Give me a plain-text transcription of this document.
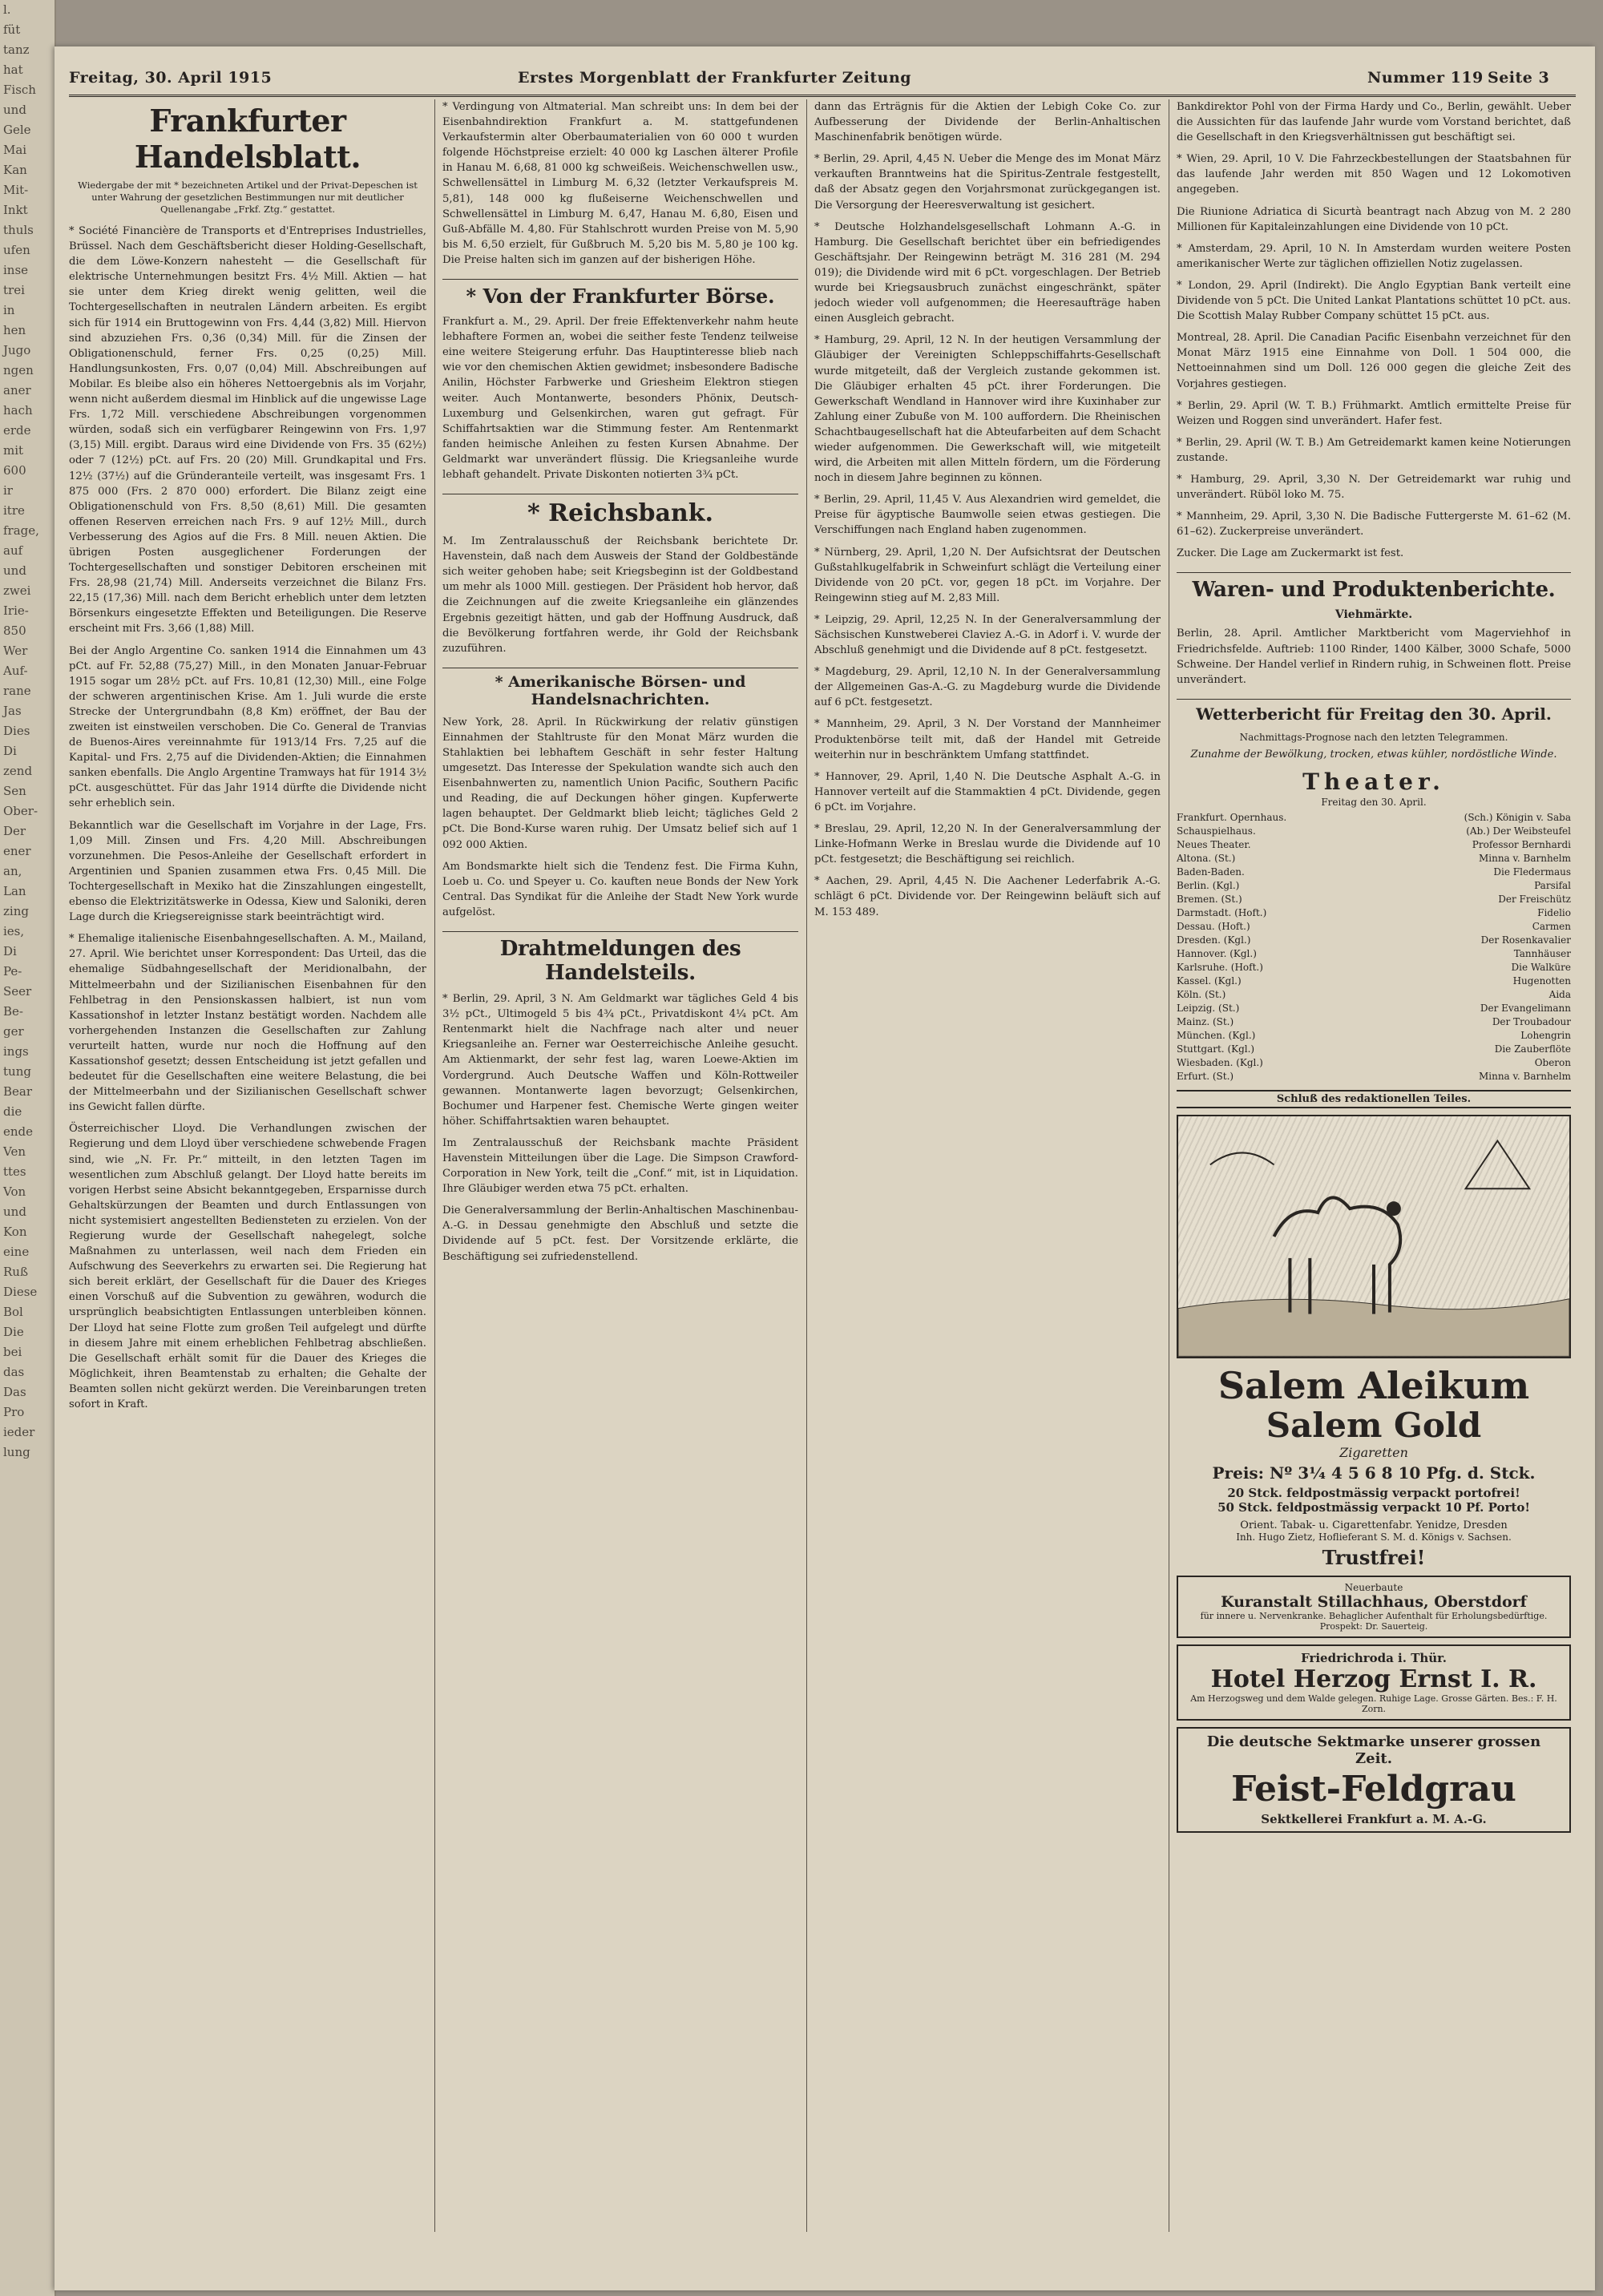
l.
füt
tanz
hat
Fisch
und
Gele
Mai
Kan
Mit-
Inkt
thuls
ufen
inse
trei
in
hen
Jugo
ngen
aner
hach
erde
mit
600
ir
itre
frage,
auf
und
zwei
Irie-
850
Wer
Auf-
rane
Jas
Dies
Di
zend
Sen
Ober-
Der
ener
an,
Lan
zing
ies,
Di
Pe-
Seer
Be-
ger
ings
tung
Bear
die
ende
Ven
ttes
Von
und
Kon
eine
Ruß
Diese
Bol
Die
bei
das
Das
Pro
ieder
lung
Freitag, 30. April 1915	Erstes Morgenblatt der Frankfurter Zeitung	Nummer 119 Seite 3
Frankfurter Handelsblatt.
Wiedergabe der mit * bezeichneten Artikel und der Privat-Depeschen ist unter Wahrung der gesetzlichen Bestimmungen nur mit deutlicher Quellenangabe „Frkf. Ztg.“ gestattet.

* Société Financière de Transports et d'Entreprises Industrielles, Brüssel. Nach dem Geschäftsbericht dieser Holding-Gesellschaft, die dem Löwe-Konzern nahesteht — die Gesellschaft für elektrische Unternehmungen besitzt Frs. 4½ Mill. Aktien — hat sie unter dem Krieg direkt wenig gelitten, weil die Tochtergesellschaften in neutralen Ländern arbeiten. Es ergibt sich für 1914 ein Bruttogewinn von Frs. 4,44 (3,82) Mill. Hiervon sind abzuziehen Frs. 0,36 (0,34) Mill. für die Zinsen der Obligationenschuld, ferner Frs. 0,25 (0,25) Mill. Handlungsunkosten, Frs. 0,07 (0,04) Mill. Abschreibungen auf Mobilar. Es bleibe also ein höheres Nettoergebnis als im Vorjahr, wenn nicht außerdem diesmal im Hinblick auf die ungewisse Lage Frs. 1,72 Mill. verschiedene Abschreibungen vorgenommen würden, sodaß sich ein verfügbarer Reingewinn von Frs. 1,97 (3,15) Mill. ergibt. Daraus wird eine Dividende von Frs. 35 (62½) oder 7 (12½) pCt. auf Frs. 20 (20) Mill. Grundkapital und Frs. 12½ (37½) auf die Gründeranteile verteilt, was insgesamt Frs. 1 875 000 (Frs. 2 870 000) erfordert. Die Bilanz zeigt eine Obligationenschuld von Frs. 8,50 (8,61) Mill. Die gesamten offenen Reserven erreichen nach Frs. 9 auf 12½ Mill., durch Verbesserung des Agios auf die Frs. 8 Mill. neuen Aktien. Die übrigen Posten ausgeglichener Forderungen der Tochtergesellschaften und sonstiger Debitoren erscheinen mit Frs. 28,98 (21,74) Mill. Anderseits verzeichnet die Bilanz Frs. 22,15 (17,36) Mill. nach dem Bericht erheblich unter dem letzten Börsenkurs eingesetzte Effekten und Beteiligungen. Die Reserve erscheint mit Frs. 3,66 (1,88) Mill.

Bei der Anglo Argentine Co. sanken 1914 die Einnahmen um 43 pCt. auf Fr. 52,88 (75,27) Mill., in den Monaten Januar-Februar 1915 sogar um 28½ pCt. auf Frs. 10,81 (12,30) Mill., eine Folge der schweren argentinischen Krise. Am 1. Juli wurde die erste Strecke der Untergrundbahn (8,8 Km) eröffnet, der Bau der zweiten ist einstweilen verschoben. Die Co. General de Tranvias de Buenos-Aires vereinnahmte für 1913/14 Frs. 7,25 auf die Kapital- und Frs. 2,75 auf die Dividenden-Aktien; die Einnahmen sanken ebenfalls. Die Anglo Argentine Tramways hat für 1914 3½ pCt. ausgeschüttet. Für das Jahr 1914 dürfte die Dividende nicht sehr erheblich sein.

Bekanntlich war die Gesellschaft im Vorjahre in der Lage, Frs. 1,09 Mill. Zinsen und Frs. 4,20 Mill. Abschreibungen vorzunehmen. Die Pesos-Anleihe der Gesellschaft erfordert in Argentinien und Spanien zusammen etwa Frs. 0,45 Mill. Die Tochtergesellschaft in Mexiko hat die Zinszahlungen eingestellt, ebenso die Elektrizitätswerke in Odessa, Kiew und Saloniki, deren Lage durch die Kriegsereignisse stark beeinträchtigt wird.

* Ehemalige italienische Eisenbahngesellschaften. A. M., Mailand, 27. April. Wie berichtet unser Korrespondent: Das Urteil, das die ehemalige Südbahngesellschaft der Meridionalbahn, der Mittelmeerbahn und der Sizilianischen Eisenbahnen für den Fehlbetrag in den Pensionskassen halbiert, ist nun vom Kassationshof in letzter Instanz bestätigt worden. Nachdem alle vorhergehenden Instanzen die Gesellschaften zur Zahlung verurteilt hatten, wurde nur noch die Hoffnung auf den Kassationshof gesetzt; dessen Entscheidung ist jetzt gefallen und bedeutet für die Gesellschaften eine weitere Belastung, die bei der Mittelmeerbahn und der Sizilianischen Gesellschaft schwer ins Gewicht fallen dürfte.

Österreichischer Lloyd. Die Verhandlungen zwischen der Regierung und dem Lloyd über verschiedene schwebende Fragen sind, wie „N. Fr. Pr.“ mitteilt, in den letzten Tagen im wesentlichen zum Abschluß gelangt. Der Lloyd hatte bereits im vorigen Herbst seine Absicht bekanntgegeben, Ersparnisse durch Gehaltskürzungen der Beamten und durch Entlassungen von nicht systemisiert angestellten Bediensteten zu erzielen. Von der Regierung wurde der Gesellschaft nahegelegt, solche Maßnahmen zu unterlassen, weil nach dem Frieden ein Aufschwung des Seeverkehrs zu erwarten sei. Die Regierung hat sich bereit erklärt, der Gesellschaft für die Dauer des Krieges einen Vorschuß auf die Subvention zu gewähren, wodurch die ursprünglich beabsichtigten Entlassungen unterbleiben können. Der Lloyd hat seine Flotte zum großen Teil aufgelegt und dürfte in diesem Jahre mit einem erheblichen Fehlbetrag abschließen. Die Gesellschaft erhält somit für die Dauer des Krieges die Möglichkeit, ihren Beamtenstab zu erhalten; die Gehalte der Beamten sollen nicht gekürzt werden. Die Vereinbarungen treten sofort in Kraft.

* Verdingung von Altmaterial. Man schreibt uns: In dem bei der Eisenbahndirektion Frankfurt a. M. stattgefundenen Verkaufstermin alter Oberbaumaterialien von 60 000 t wurden folgende Höchstpreise erzielt: 40 000 kg Laschen älterer Profile in Hanau M. 6,68, 81 000 kg schweißeis. Weichenschwellen usw., Schwellensättel in Limburg M. 6,32 (letzter Verkaufspreis M. 5,81), 148 000 kg flußeiserne Weichenschwellen und Schwellensättel in Limburg M. 6,47, Hanau M. 6,80, Eisen und Guß-Abfälle M. 4,80. Für Stahlschrott wurden Preise von M. 5,90 bis M. 6,50 erzielt, für Gußbruch M. 5,20 bis M. 5,80 je 100 kg. Die Preise halten sich im ganzen auf der bisherigen Höhe.

* Von der Frankfurter Börse.

Frankfurt a. M., 29. April. Der freie Effektenverkehr nahm heute lebhaftere Formen an, wobei die seither feste Tendenz teilweise eine weitere Steigerung erfuhr. Das Hauptinteresse blieb nach wie vor den chemischen Aktien gewidmet; insbesondere Badische Anilin, Höchster Farbwerke und Griesheim Elektron stiegen weiter. Auch Montanwerte, besonders Phönix, Deutsch-Luxemburg und Gelsenkirchen, waren gut gefragt. Für Schiffahrtsaktien war die Stimmung fester. Am Rentenmarkt fanden heimische Anleihen zu festen Kursen Abnahme. Der Geldmarkt war unverändert flüssig. Die Kriegsanleihe wurde lebhaft gehandelt. Private Diskonten notierten 3¾ pCt.

* Reichsbank.

M. Im Zentralausschuß der Reichsbank berichtete Dr. Havenstein, daß nach dem Ausweis der Stand der Goldbestände sich weiter gehoben habe; seit Kriegsbeginn ist der Goldbestand um mehr als 1000 Mill. gestiegen. Der Präsident hob hervor, daß die Zeichnungen auf die zweite Kriegsanleihe ein glänzendes Ergebnis gezeitigt hätten, und gab der Hoffnung Ausdruck, daß die Bevölkerung fortfahren werde, ihr Gold der Reichsbank zuzuführen.

* Amerikanische Börsen- und Handelsnachrichten.

New York, 28. April. In Rückwirkung der relativ günstigen Einnahmen der Stahltruste für den Monat März wurden die Stahlaktien bei lebhaftem Geschäft in sehr fester Haltung umgesetzt. Das Interesse der Spekulation wandte sich auch den Eisenbahnwerten zu, namentlich Union Pacific, Southern Pacific und Reading, die auf Deckungen höher gingen. Kupferwerte lagen behauptet. Der Geldmarkt blieb leicht; tägliches Geld 2 pCt. Die Bond-Kurse waren ruhig. Der Umsatz belief sich auf 1 092 000 Aktien.

Am Bondsmarkte hielt sich die Tendenz fest. Die Firma Kuhn, Loeb u. Co. und Speyer u. Co. kauften neue Bonds der New York Central. Das Syndikat für die Anleihe der Stadt New York wurde aufgelöst.

Drahtmeldungen des Handelsteils.

* Berlin, 29. April, 3 N. Am Geldmarkt war tägliches Geld 4 bis 3½ pCt., Ultimogeld 5 bis 4¾ pCt., Privatdiskont 4¼ pCt. Am Rentenmarkt hielt die Nachfrage nach alter und neuer Kriegsanleihe an. Ferner war Oesterreichische Anleihe gesucht. Am Aktienmarkt, der sehr fest lag, waren Loewe-Aktien im Vordergrund. Auch Deutsche Waffen und Köln-Rottweiler gewannen. Montanwerte lagen bevorzugt; Gelsenkirchen, Bochumer und Harpener fest. Chemische Werte gingen weiter höher. Schiffahrtsaktien waren behauptet.

Im Zentralausschuß der Reichsbank machte Präsident Havenstein Mitteilungen über die Lage. Die Simpson Crawford-Corporation in New York, teilt die „Conf.“ mit, ist in Liquidation. Ihre Gläubiger werden etwa 75 pCt. erhalten.

Die Generalversammlung der Berlin-Anhaltischen Maschinenbau-A.-G. in Dessau genehmigte den Abschluß und setzte die Dividende auf 5 pCt. fest. Der Vorsitzende erklärte, die Beschäftigung sei zufriedenstellend.

dann das Erträgnis für die Aktien der Lebigh Coke Co. zur Aufbesserung der Dividende der Berlin-Anhaltischen Maschinenfabrik benötigen würde.

* Berlin, 29. April, 4,45 N. Ueber die Menge des im Monat März verkauften Branntweins hat die Spiritus-Zentrale festgestellt, daß der Absatz gegen den Vorjahrsmonat zurückgegangen ist. Die Versorgung der Heeresverwaltung ist gesichert.

* Deutsche Holzhandelsgesellschaft Lohmann A.-G. in Hamburg. Die Gesellschaft berichtet über ein befriedigendes Geschäftsjahr. Der Reingewinn beträgt M. 316 281 (M. 294 019); die Dividende wird mit 6 pCt. vorgeschlagen. Der Betrieb wurde bei Kriegsausbruch zunächst eingeschränkt, später jedoch wieder voll aufgenommen; die Heeresaufträge haben einen Ausgleich gebracht.

* Hamburg, 29. April, 12 N. In der heutigen Versammlung der Gläubiger der Vereinigten Schleppschiffahrts-Gesellschaft wurde mitgeteilt, daß der Vergleich zustande gekommen ist. Die Gläubiger erhalten 45 pCt. ihrer Forderungen. Die Gewerkschaft Wendland in Hannover wird ihre Kuxinhaber zur Zahlung einer Zubuße von M. 100 auffordern. Die Rheinischen Schachtbaugesellschaft hat die Abteufarbeiten auf dem Schacht wieder aufgenommen. Die Gewerkschaft will, wie mitgeteilt wird, die Arbeiten mit allen Mitteln fördern, um die Förderung noch in diesem Jahre beginnen zu können.

* Berlin, 29. April, 11,45 V. Aus Alexandrien wird gemeldet, die Preise für ägyptische Baumwolle seien etwas gestiegen. Die Verschiffungen nach England haben zugenommen.

* Nürnberg, 29. April, 1,20 N. Der Aufsichtsrat der Deutschen Gußstahlkugelfabrik in Schweinfurt schlägt die Verteilung einer Dividende von 20 pCt. vor, gegen 18 pCt. im Vorjahre. Der Reingewinn stieg auf M. 2,83 Mill.

* Leipzig, 29. April, 12,25 N. In der Generalversammlung der Sächsischen Kunstweberei Claviez A.-G. in Adorf i. V. wurde der Abschluß genehmigt und die Dividende auf 8 pCt. festgesetzt.

* Magdeburg, 29. April, 12,10 N. In der Generalversammlung der Allgemeinen Gas-A.-G. zu Magdeburg wurde die Dividende auf 6 pCt. festgesetzt.

* Mannheim, 29. April, 3 N. Der Vorstand der Mannheimer Produktenbörse teilt mit, daß der Handel mit Getreide weiterhin nur in beschränktem Umfang stattfindet.

* Hannover, 29. April, 1,40 N. Die Deutsche Asphalt A.-G. in Hannover verteilt auf die Stammaktien 4 pCt. Dividende, gegen 6 pCt. im Vorjahre.

* Breslau, 29. April, 12,20 N. In der Generalversammlung der Linke-Hofmann Werke in Breslau wurde die Dividende auf 10 pCt. festgesetzt; die Beschäftigung sei reichlich.

* Aachen, 29. April, 4,45 N. Die Aachener Lederfabrik A.-G. schlägt 6 pCt. Dividende vor. Der Reingewinn beläuft sich auf M. 153 489.

Bankdirektor Pohl von der Firma Hardy und Co., Berlin, gewählt. Ueber die Aussichten für das laufende Jahr wurde vom Vorstand berichtet, daß die Gesellschaft in den Kriegsverhältnissen gut beschäftigt sei.

* Wien, 29. April, 10 V. Die Fahrzeckbestellungen der Staatsbahnen für das laufende Jahr werden mit 850 Wagen und 12 Lokomotiven angegeben.

Die Riunione Adriatica di Sicurtà beantragt nach Abzug von M. 2 280 Millionen für Kapitaleinzahlungen eine Dividende von 10 pCt.

* Amsterdam, 29. April, 10 N. In Amsterdam wurden weitere Posten amerikanischer Werte zur täglichen offiziellen Notiz zugelassen.

* London, 29. April (Indirekt). Die Anglo Egyptian Bank verteilt eine Dividende von 5 pCt. Die United Lankat Plantations schüttet 10 pCt. aus. Die Scottish Malay Rubber Company schüttet 15 pCt. aus.

Montreal, 28. April. Die Canadian Pacific Eisenbahn verzeichnet für den Monat März 1915 eine Einnahme von Doll. 1 504 000, die Nettoeinnahmen sind um Doll. 126 000 gegen die gleiche Zeit des Vorjahres gestiegen.

* Berlin, 29. April (W. T. B.) Frühmarkt. Amtlich ermittelte Preise für Weizen und Roggen sind unverändert. Hafer fest.

* Berlin, 29. April (W. T. B.) Am Getreidemarkt kamen keine Notierungen zustande.

* Hamburg, 29. April, 3,30 N. Der Getreidemarkt war ruhig und unverändert. Rüböl loko M. 75.

* Mannheim, 29. April, 3,30 N. Die Badische Futtergerste M. 61–62 (M. 61–62). Zuckerpreise unverändert.

Zucker. Die Lage am Zuckermarkt ist fest.

Waren- und Produktenberichte.
Viehmärkte.

Berlin, 28. April. Amtlicher Marktbericht vom Magerviehhof in Friedrichsfelde. Auftrieb: 1100 Rinder, 1400 Kälber, 3000 Schafe, 5000 Schweine. Der Handel verlief in Rindern ruhig, in Schweinen flott. Preise unverändert.

Wetterbericht für Freitag den 30. April.

Nachmittags-Prognose nach den letzten Telegrammen.

Zunahme der Bewölkung, trocken, etwas kühler, nordöstliche Winde.

Theater.
Freitag den 30. April.
Frankfurt. Opernhaus.	(Sch.) Königin v. Saba
Schauspielhaus.	(Ab.) Der Weibsteufel
Neues Theater.	Professor Bernhardi
Altona. (St.)	Minna v. Barnhelm
Baden-Baden.	Die Fledermaus
Berlin. (Kgl.)	Parsifal
Bremen. (St.)	Der Freischütz
Darmstadt. (Hoft.)	Fidelio
Dessau. (Hoft.)	Carmen
Dresden. (Kgl.)	Der Rosenkavalier
Hannover. (Kgl.)	Tannhäuser
Karlsruhe. (Hoft.)	Die Walküre
Kassel. (Kgl.)	Hugenotten
Köln. (St.)	Aida
Leipzig. (St.)	Der Evangelimann
Mainz. (St.)	Der Troubadour
München. (Kgl.)	Lohengrin
Stuttgart. (Kgl.)	Die Zauberflöte
Wiesbaden. (Kgl.)	Oberon
Erfurt. (St.)	Minna v. Barnhelm
Schluß des redaktionellen Teiles.
Salem Aleikum
Salem Gold
Zigaretten
Preis: Nº 3¼ 4 5 6 8 10 Pfg. d. Stck.
20 Stck. feldpostmässig verpackt portofrei!
50 Stck. feldpostmässig verpackt 10 Pf. Porto!
Orient. Tabak- u. Cigarettenfabr. Yenidze, Dresden
Inh. Hugo Zietz, Hoflieferant S. M. d. Königs v. Sachsen.
Trustfrei!
Neuerbaute
Kuranstalt Stillachhaus, Oberstdorf
für innere u. Nervenkranke. Behaglicher Aufenthalt für Erholungsbedürftige. Prospekt: Dr. Sauerteig.
Friedrichroda i. Thür.
Hotel Herzog Ernst I. R.
Am Herzogsweg und dem Walde gelegen. Ruhige Lage. Grosse Gärten. Bes.: F. H. Zorn.
Die deutsche Sektmarke unserer grossen Zeit.
Feist-Feldgrau
Sektkellerei Frankfurt a. M. A.-G.
